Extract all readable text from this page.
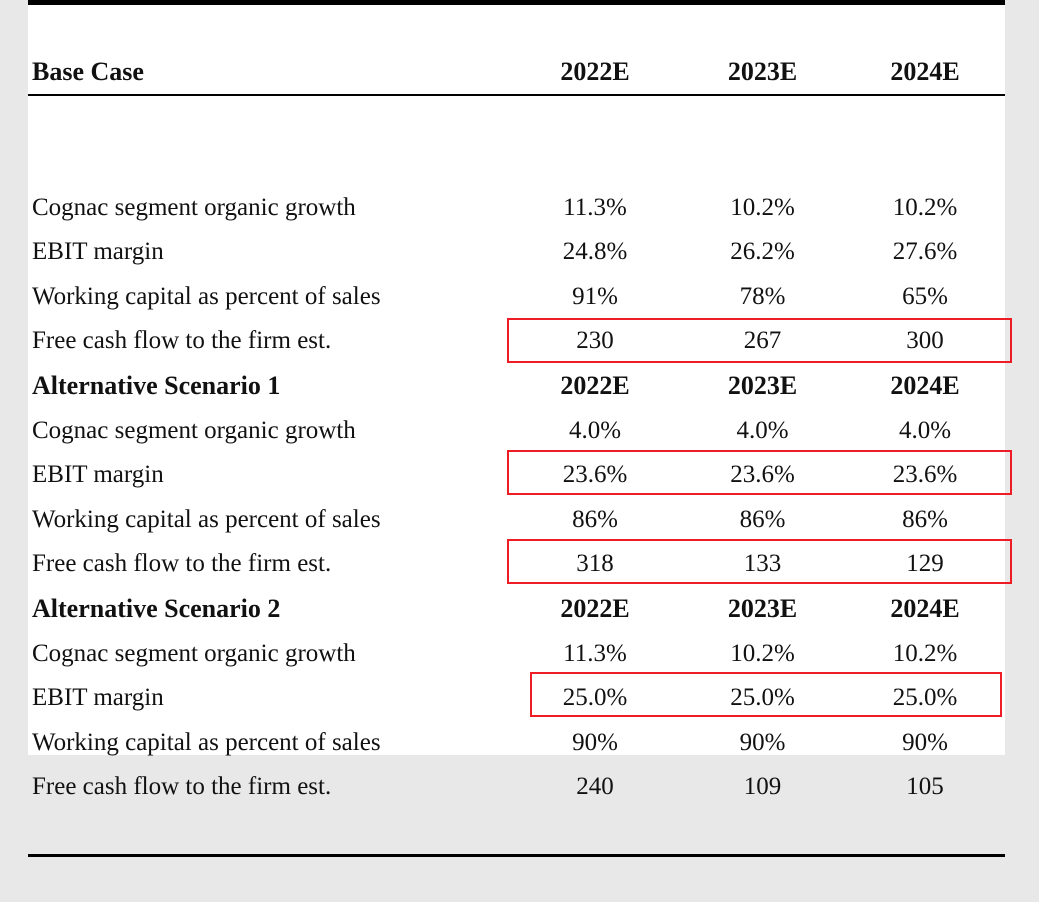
Base Case	2022E	2023E	2024E

Cognac segment organic growth	11.3%	10.2%	10.2%
EBIT margin	24.8%	26.2%	27.6%
Working capital as percent of sales	91%	78%	65%
Free cash flow to the firm est.	230	267	300
Alternative Scenario 1	2022E	2023E	2024E
Cognac segment organic growth	4.0%	4.0%	4.0%
EBIT margin	23.6%	23.6%	23.6%
Working capital as percent of sales	86%	86%	86%
Free cash flow to the firm est.	318	133	129
Alternative Scenario 2	2022E	2023E	2024E
Cognac segment organic growth	11.3%	10.2%	10.2%
EBIT margin	25.0%	25.0%	25.0%
Working capital as percent of sales	90%	90%	90%
Free cash flow to the firm est.	240	109	105
